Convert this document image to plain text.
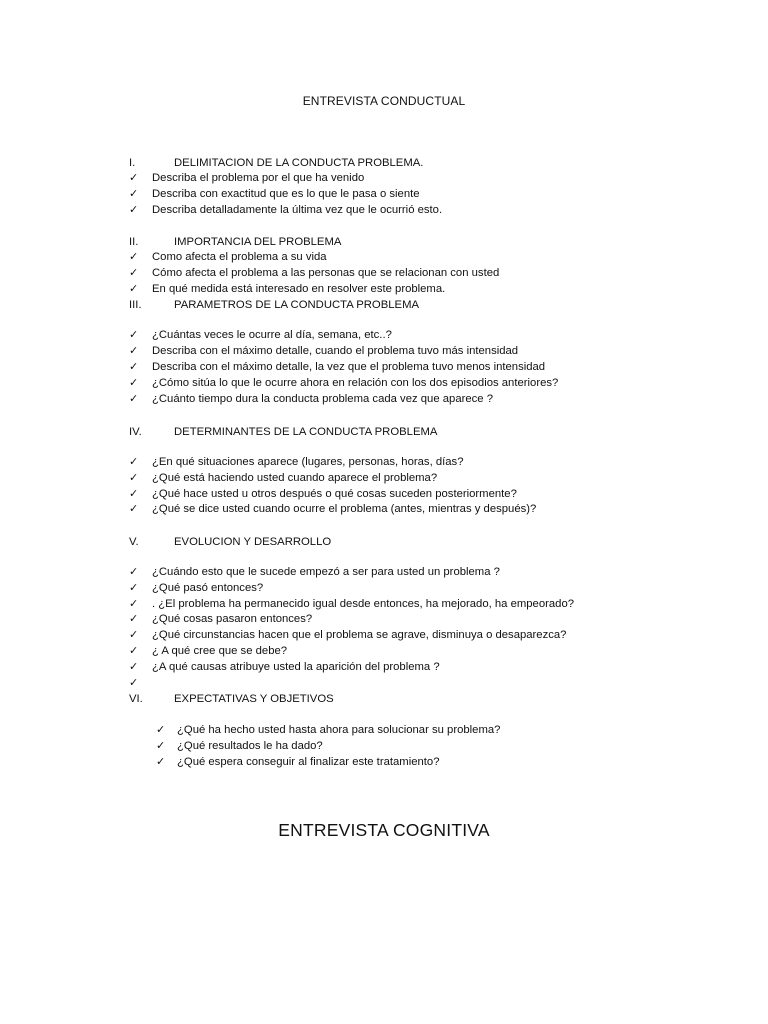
ENTREVISTA CONDUCTUAL
I.	DELIMITACION DE LA CONDUCTA PROBLEMA.
✓ Describa el problema por el que ha venido
✓ Describa con exactitud que es lo que le pasa o siente
✓ Describa detalladamente la última vez que le ocurrió esto.
II.	IMPORTANCIA DEL PROBLEMA
✓ Como afecta el problema a su vida
✓ Cómo afecta el problema a las personas que se relacionan con usted
✓ En qué medida está interesado en resolver este problema.
III.	PARAMETROS DE LA CONDUCTA PROBLEMA
✓ ¿Cuántas veces le ocurre al día, semana, etc..?
✓ Describa con el máximo detalle, cuando el problema tuvo más intensidad
✓ Describa con el máximo detalle, la vez que el problema tuvo menos intensidad
✓ ¿Cómo sitúa lo que le ocurre ahora en relación con los dos episodios anteriores?
✓ ¿Cuánto tiempo dura la conducta problema cada vez que aparece ?
IV.	DETERMINANTES DE LA CONDUCTA PROBLEMA
✓ ¿En qué situaciones aparece (lugares, personas, horas, días?
✓ ¿Qué está haciendo usted cuando aparece el problema?
✓ ¿Qué hace usted u otros después o qué cosas suceden posteriormente?
✓ ¿Qué se dice usted cuando ocurre el problema (antes, mientras y después)?
V.	EVOLUCION Y DESARROLLO
✓ ¿Cuándo esto que le sucede empezó a ser para usted un problema ?
✓ ¿Qué pasó entonces?
✓ . ¿El problema ha permanecido igual desde entonces, ha mejorado, ha empeorado?
✓ ¿Qué cosas pasaron entonces?
✓ ¿Qué circunstancias hacen que el problema se agrave, disminuya o desaparezca?
✓ ¿ A qué cree que se debe?
✓ ¿A qué causas atribuye usted la aparición del problema ?
✓
VI.	EXPECTATIVAS Y OBJETIVOS
✓ ¿Qué ha hecho usted hasta ahora para solucionar su problema?
✓ ¿Qué resultados le ha dado?
✓ ¿Qué espera conseguir al finalizar este tratamiento?
ENTREVISTA COGNITIVA
